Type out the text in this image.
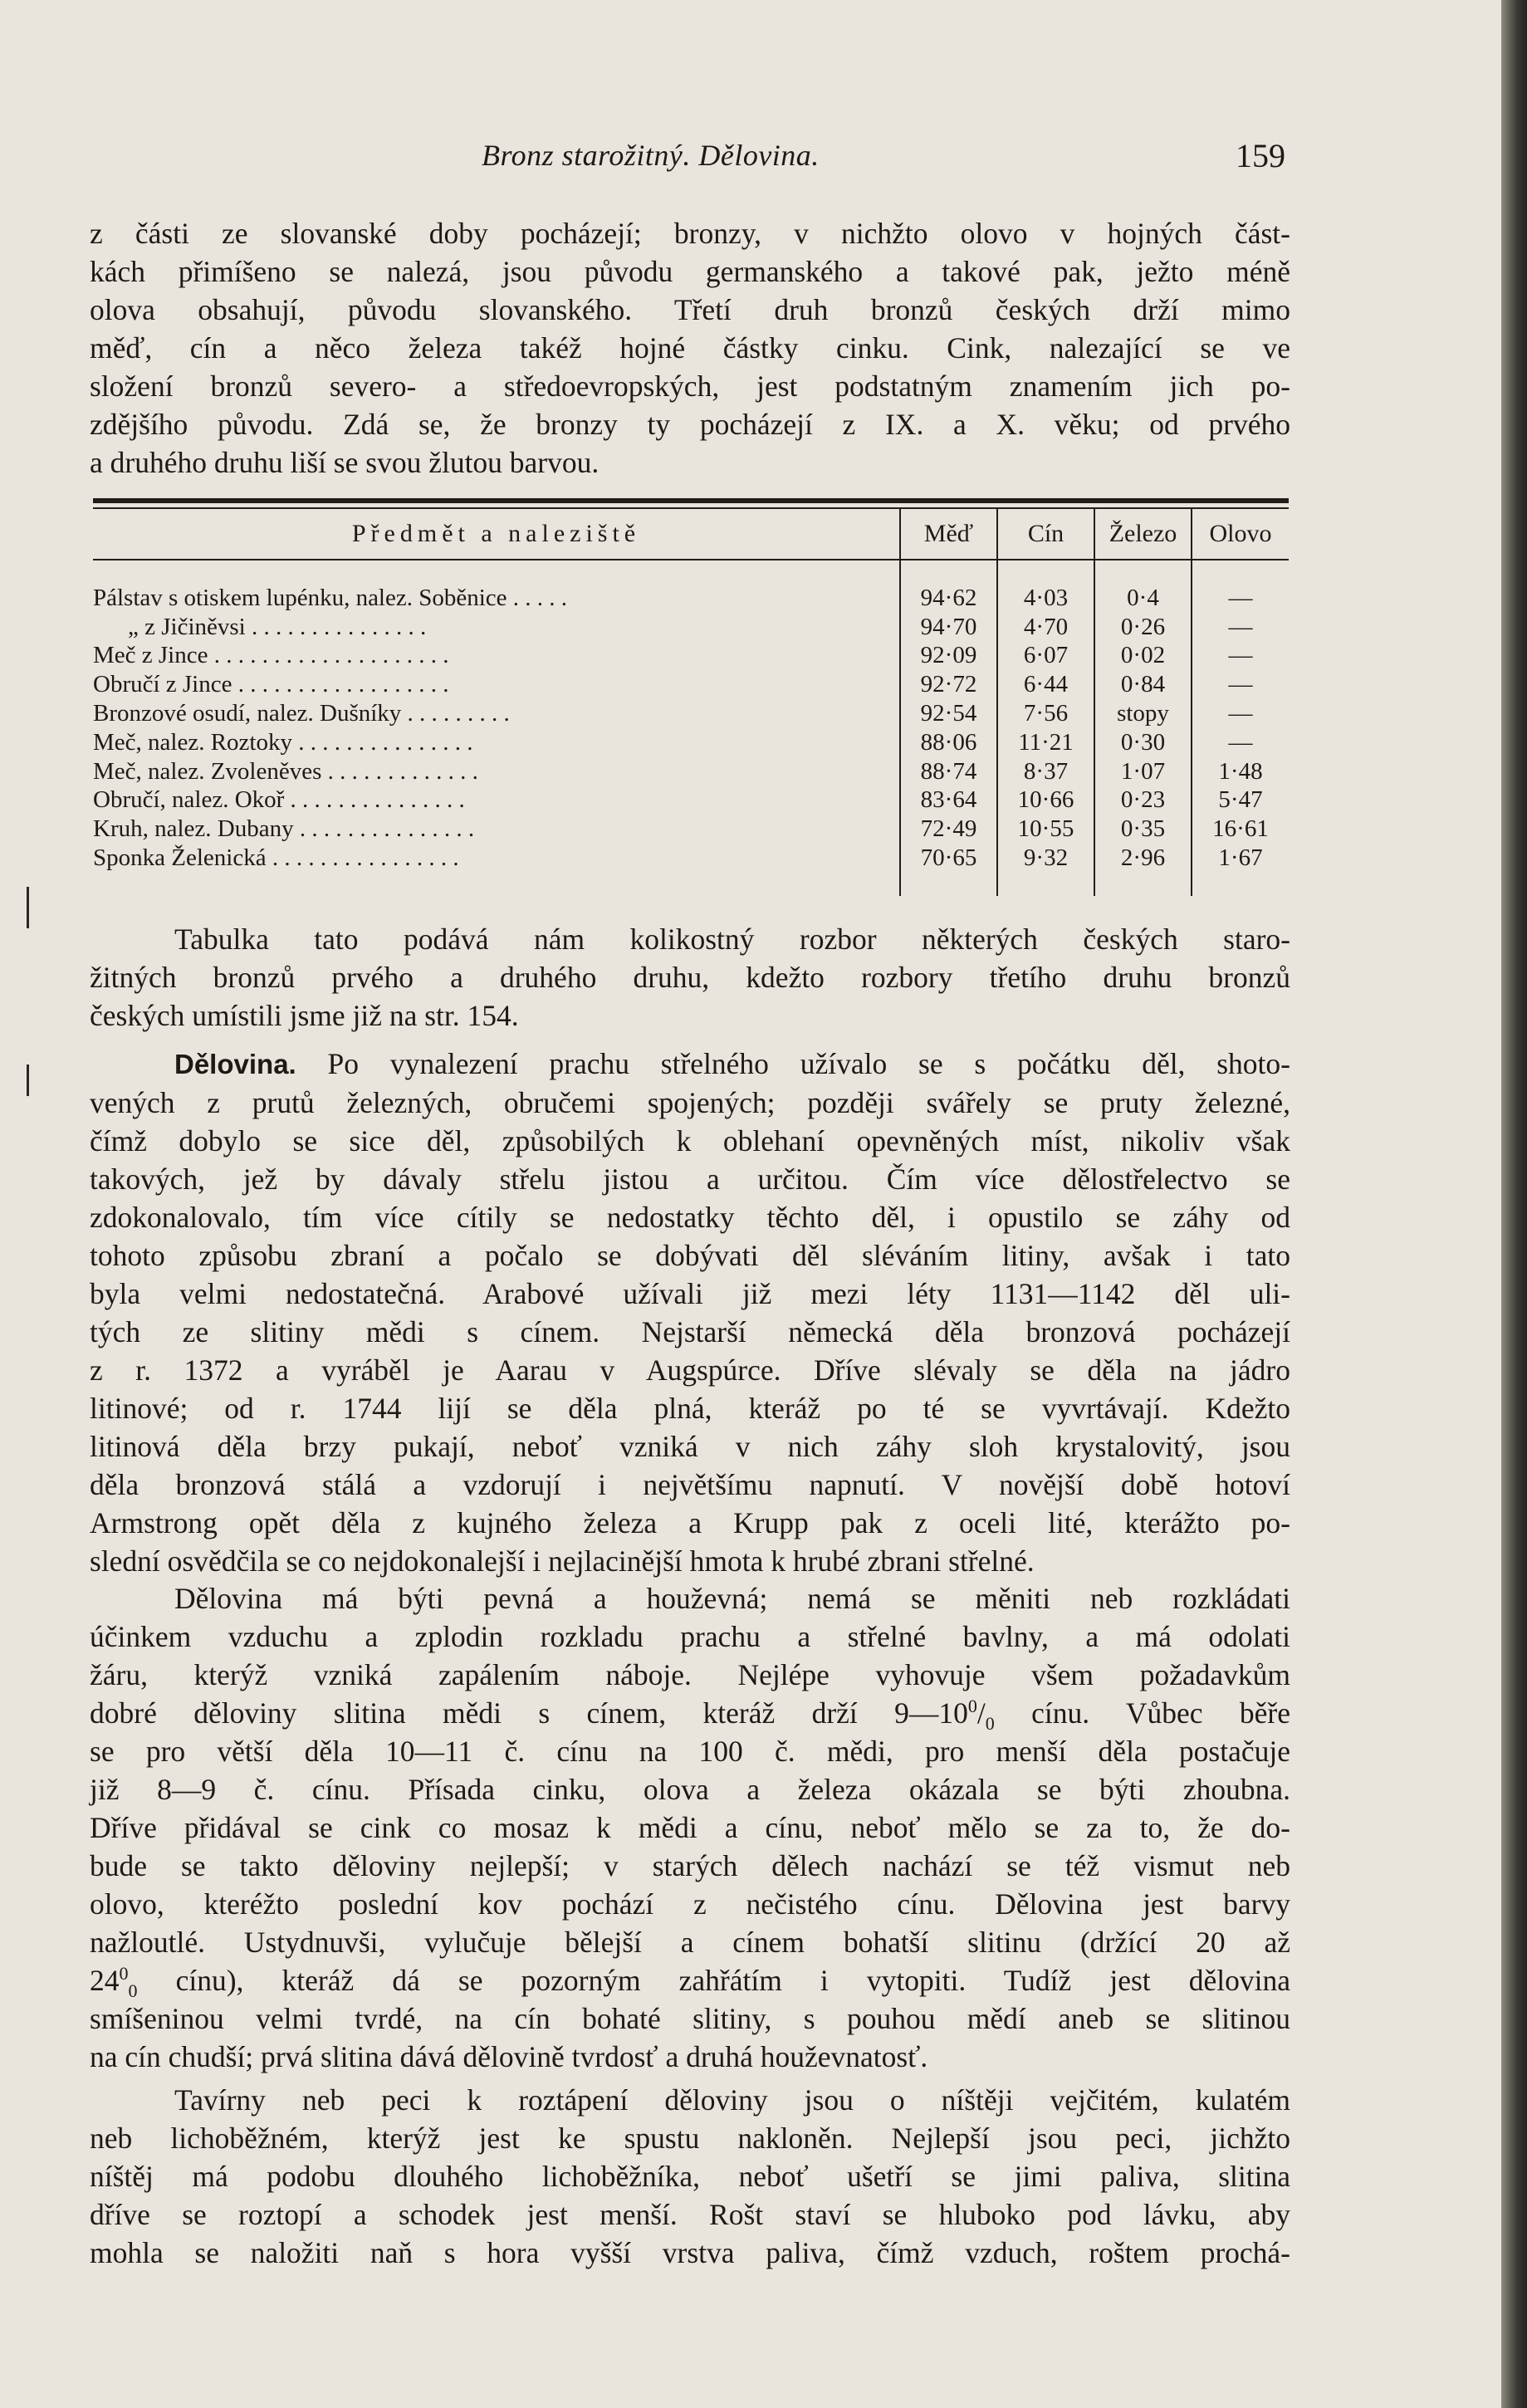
Bronz starožitný. Dělovina.	159
z části ze slovanské doby pocházejí; bronzy, v nichžto olovo v hojných část-
kách přimíšeno se nalezá, jsou původu germanského a takové pak, ježto méně
olova obsahují, původu slovanského. Třetí druh bronzů českých drží mimo
měď, cín a něco železa takéž hojné částky cinku. Cink, nalezající se ve
složení bronzů severo- a středoevropských, jest podstatným znamením jich po-
zdějšího původu. Zdá se, že bronzy ty pocházejí z IX. a X. věku; od prvého
a druhého druhu liší se svou žlutou barvou.
Předmět a naleziště	Měď	Cín	Železo	Olovo

Pálstav s otiskem lupénku, nalez. Soběnice . . . . .	94·62	4·03	0·4	—
„ z Jičiněvsi . . . . . . . . . . . . . . .	94·70	4·70	0·26	—
Meč z Jince . . . . . . . . . . . . . . . . . . . .	92·09	6·07	0·02	—
Obručí z Jince . . . . . . . . . . . . . . . . . .	92·72	6·44	0·84	—
Bronzové osudí, nalez. Dušníky . . . . . . . . .	92·54	7·56	stopy	—
Meč, nalez. Roztoky . . . . . . . . . . . . . . .	88·06	11·21	0·30	—
Meč, nalez. Zvoleněves . . . . . . . . . . . . .	88·74	8·37	1·07	1·48
Obručí, nalez. Okoř . . . . . . . . . . . . . . .	83·64	10·66	0·23	5·47
Kruh, nalez. Dubany . . . . . . . . . . . . . . .	72·49	10·55	0·35	16·61
Sponka Želenická . . . . . . . . . . . . . . . .	70·65	9·32	2·96	1·67

Tabulka tato podává nám kolikostný rozbor některých českých staro-
žitných bronzů prvého a druhého druhu, kdežto rozbory třetího druhu bronzů
českých umístili jsme již na str. 154.
Dělovina. Po vynalezení prachu střelného užívalo se s počátku děl, shoto-
vených z prutů železných, obručemi spojených; později svářely se pruty železné,
čímž dobylo se sice děl, způsobilých k oblehaní opevněných míst, nikoliv však
takových, jež by dávaly střelu jistou a určitou. Čím více dělostřelectvo se
zdokonalovalo, tím více cítily se nedostatky těchto děl, i opustilo se záhy od
tohoto způsobu zbraní a počalo se dobývati děl sléváním litiny, avšak i tato
byla velmi nedostatečná. Arabové užívali již mezi léty 1131—1142 děl uli-
tých ze slitiny mědi s cínem. Nejstarší německá děla bronzová pocházejí
z r. 1372 a vyráběl je Aarau v Augspúrce. Dříve slévaly se děla na jádro
litinové; od r. 1744 lijí se děla plná, kteráž po té se vyvrtávají. Kdežto
litinová děla brzy pukají, neboť vzniká v nich záhy sloh krystalovitý, jsou
děla bronzová stálá a vzdorují i největšímu napnutí. V novější době hotoví
Armstrong opět děla z kujného železa a Krupp pak z oceli lité, kterážto po-
slední osvědčila se co nejdokonalejší i nejlacinější hmota k hrubé zbrani střelné.
Dělovina má býti pevná a houževná; nemá se měniti neb rozkládati
účinkem vzduchu a zplodin rozkladu prachu a střelné bavlny, a má odolati
žáru, kterýž vzniká zapálením náboje. Nejlépe vyhovuje všem požadavkům
dobré děloviny slitina mědi s cínem, kteráž drží $9—10^0/_0$ cínu. Vůbec běře
se pro větší děla 10—11 č. cínu na 100 č. mědi, pro menší děla postačuje
již 8—9 č. cínu. Přísada cinku, olova a železa okázala se býti zhoubna.
Dříve přidával se cink co mosaz k mědi a cínu, neboť mělo se za to, že do-
bude se takto děloviny nejlepší; v starých dělech nachází se též vismut neb
olovo, kteréžto poslední kov pochází z nečistého cínu. Dělovina jest barvy
nažloutlé. Ustydnuvši, vylučuje bělejší a cínem bohatší slitinu (držící 20 až
$24^0_0$ cínu), kteráž dá se pozorným zahřátím i vytopiti. Tudíž jest dělovina
smíšeninou velmi tvrdé, na cín bohaté slitiny, s pouhou mědí aneb se slitinou
na cín chudší; prvá slitina dává dělovině tvrdosť a druhá houževnatosť.
Tavírny neb peci k roztápení děloviny jsou o níštěji vejčitém, kulatém
neb lichoběžném, kterýž jest ke spustu nakloněn. Nejlepší jsou peci, jichžto
níštěj má podobu dlouhého lichoběžníka, neboť ušetří se jimi paliva, slitina
dříve se roztopí a schodek jest menší. Rošt staví se hluboko pod lávku, aby
mohla se naložiti naň s hora vyšší vrstva paliva, čímž vzduch, roštem prochá-
